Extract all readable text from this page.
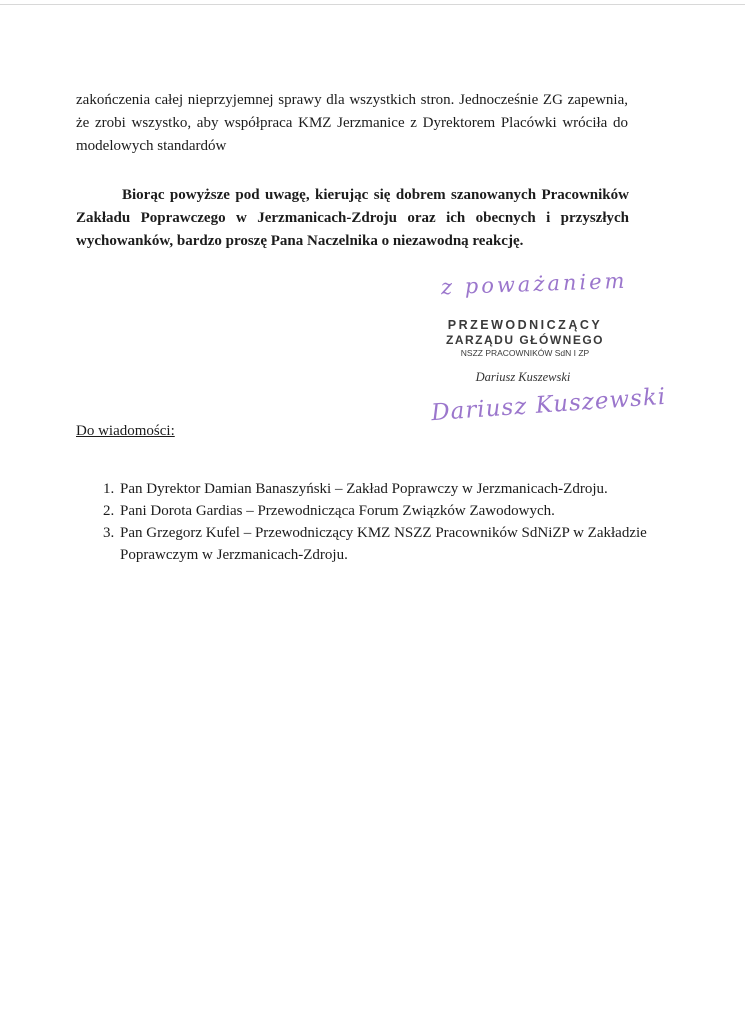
zakończenia całej nieprzyjemnej sprawy dla wszystkich stron. Jednocześnie ZG zapewnia, że zrobi wszystko, aby współpraca KMZ Jerzmanice z Dyrektorem Placówki wróciła do modelowych standardów

Biorąc powyższe pod uwagę, kierując się dobrem szanowanych Pracowników Zakładu Poprawczego w Jerzmanicach-Zdroju oraz ich obecnych i przyszłych wychowanków, bardzo proszę Pana Naczelnika o niezawodną reakcję.

z poważaniem
PRZEWODNICZĄCY
ZARZĄDU GŁÓWNEGO
NSZZ PRACOWNIKÓW SdN I ZP
Dariusz Kuszewski
Dariusz Kuszewski
Do wiadomości:
1. Pan Dyrektor Damian Banaszyński – Zakład Poprawczy w Jerzmanicach-Zdroju.
2. Pani Dorota Gardias – Przewodnicząca Forum Związków Zawodowych.
3. Pan Grzegorz Kufel – Przewodniczący KMZ NSZZ Pracowników SdNiZP w Zakładzie Poprawczym w Jerzmanicach-Zdroju.
